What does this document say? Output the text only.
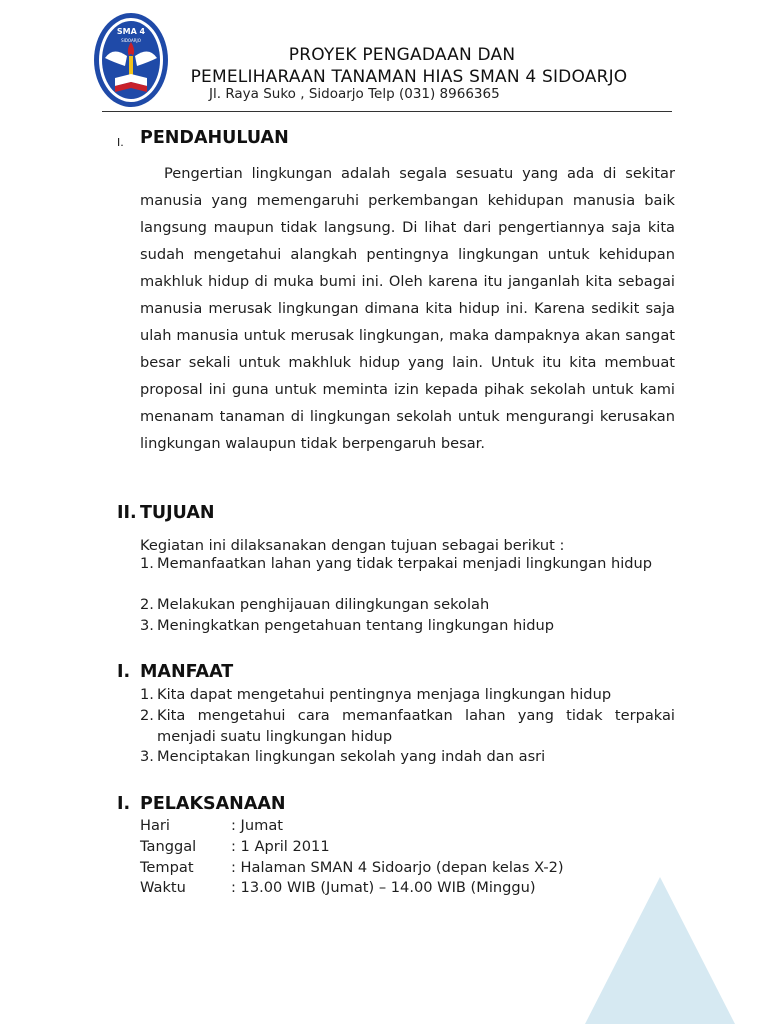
SMA 4
SIDOARJO
PROYEK PENGADAAN DAN
PEMELIHARAAN TANAMAN HIAS SMAN 4 SIDOARJO
Jl. Raya Suko , Sidoarjo Telp (031) 8966365
I. PENDAHULUAN

Pengertian lingkungan adalah segala sesuatu yang ada di sekitar manusia yang memengaruhi perkembangan kehidupan manusia baik langsung maupun tidak langsung. Di lihat dari pengertiannya saja kita sudah mengetahui alangkah pentingnya lingkungan untuk kehidupan makhluk hidup di muka bumi ini. Oleh karena itu janganlah kita sebagai manusia merusak lingkungan dimana kita hidup ini. Karena sedikit saja ulah manusia untuk merusak lingkungan, maka dampaknya akan sangat besar sekali untuk makhluk hidup yang lain. Untuk itu kita membuat proposal ini guna untuk meminta izin kepada pihak sekolah untuk kami menanam tanaman di lingkungan sekolah untuk mengurangi kerusakan lingkungan walaupun tidak berpengaruh besar.

II. TUJUAN
Kegiatan ini dilaksanakan dengan tujuan sebagai berikut :
1. Memanfaatkan lahan yang tidak terpakai menjadi lingkungan hidup
2. Melakukan penghijauan dilingkungan sekolah
3. Meningkatkan pengetahuan tentang lingkungan hidup
I. MANFAAT
1. Kita dapat mengetahui pentingnya menjaga lingkungan hidup
2. Kita mengetahui cara memanfaatkan lahan yang tidak terpakai menjadi suatu lingkungan hidup
3. Menciptakan lingkungan sekolah yang indah dan asri
I. PELAKSANAAN
Hari	: Jumat
Tanggal : 1 April 2011
Tempat	: Halaman SMAN 4 Sidoarjo (depan kelas X-2)
Waktu	: 13.00 WIB (Jumat) – 14.00 WIB (Minggu)
